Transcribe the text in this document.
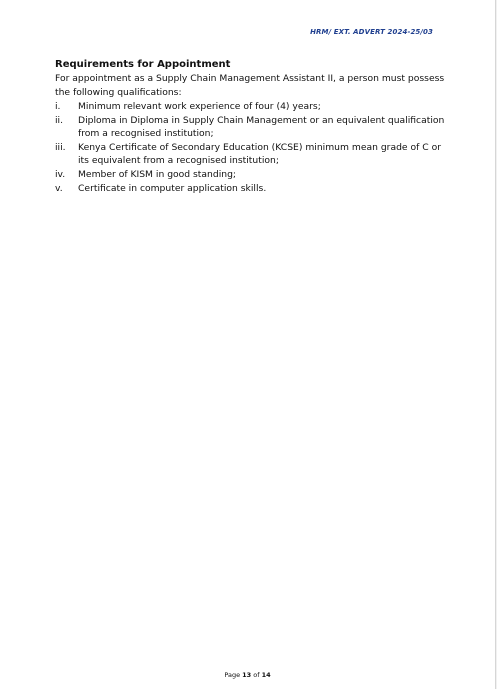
HRM/ EXT. ADVERT 2024-25/03
Requirements for Appointment
For appointment as a Supply Chain Management Assistant II, a person must possess the following qualifications:
i.	Minimum relevant work experience of four (4) years;
ii.	Diploma in Diploma in Supply Chain Management or an equivalent qualification from a recognised institution;
iii.	Kenya Certificate of Secondary Education (KCSE) minimum mean grade of C or its equivalent from a recognised institution;
iv.	Member of KISM in good standing;
v.	Certificate in computer application skills.
Page 13 of 14
